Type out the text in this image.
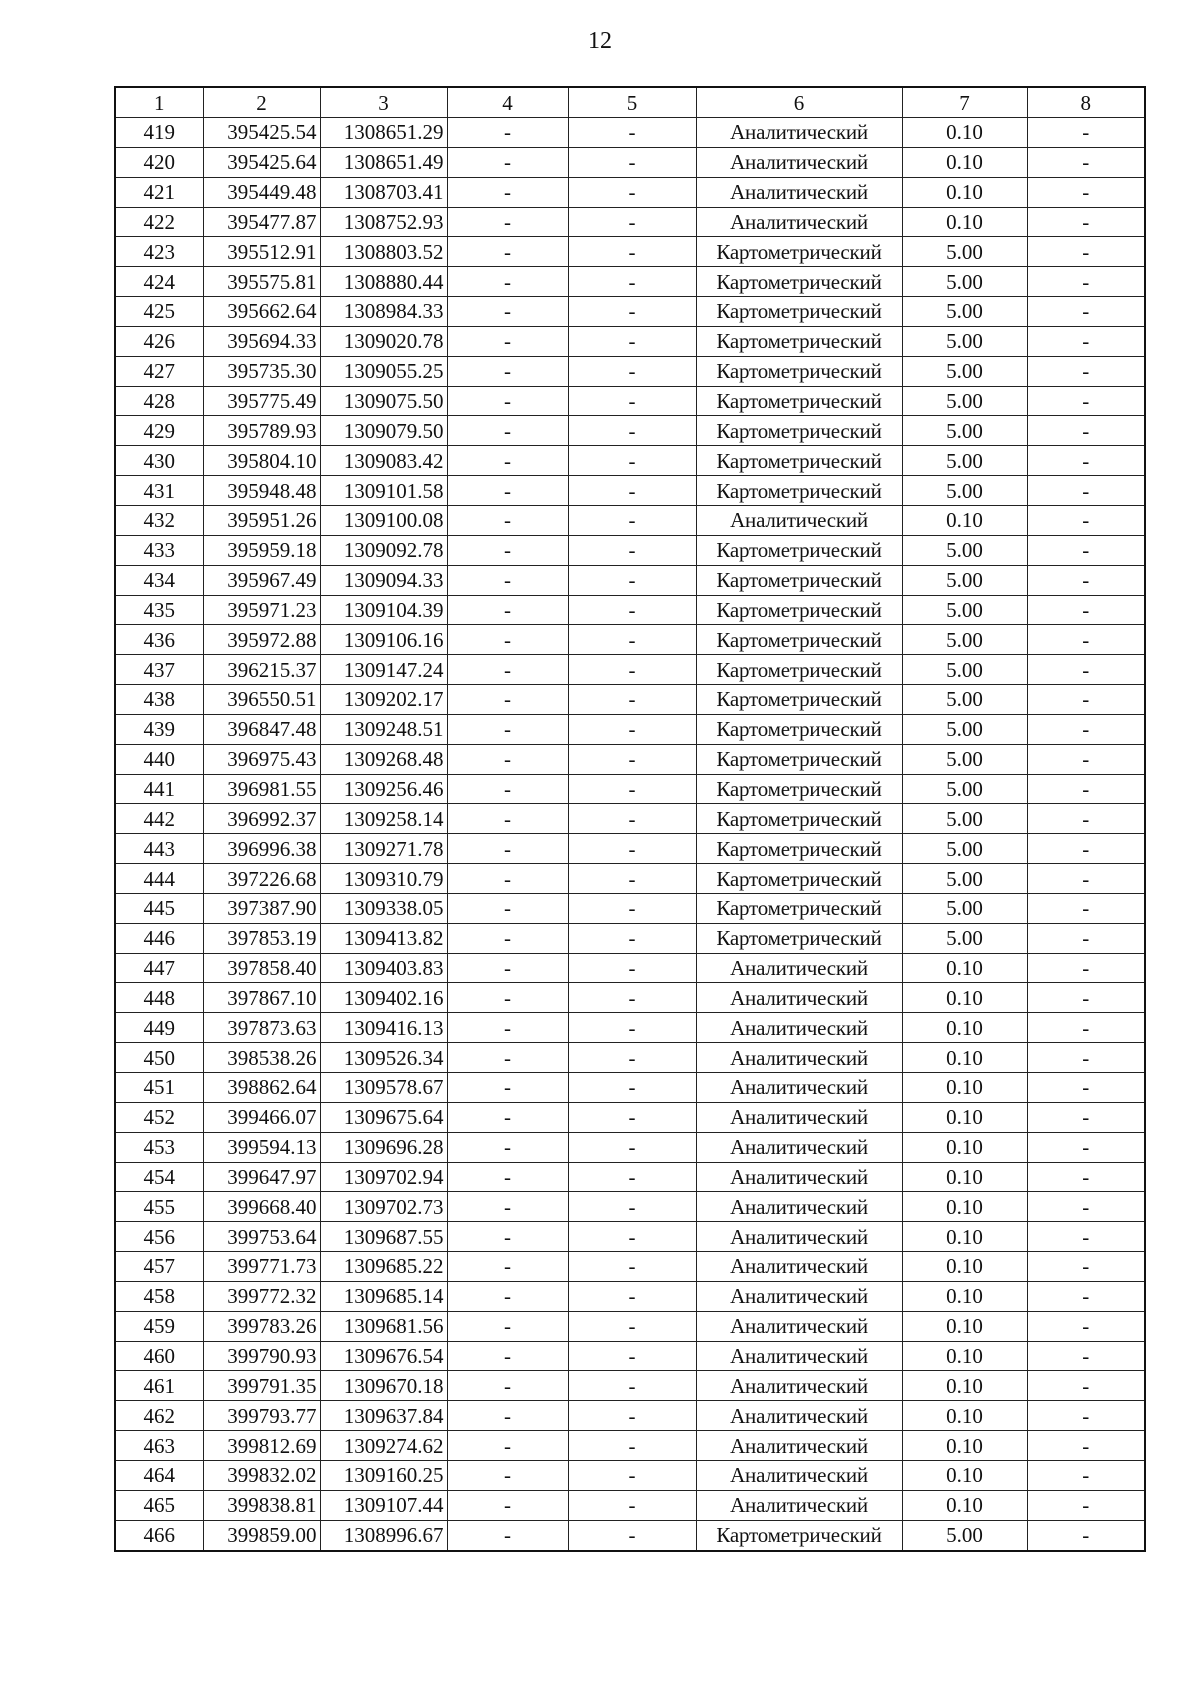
12
1	2	3	4	5	6	7	8
419	395425.54	1308651.29	-	-	Аналитический	0.10	-
420	395425.64	1308651.49	-	-	Аналитический	0.10	-
421	395449.48	1308703.41	-	-	Аналитический	0.10	-
422	395477.87	1308752.93	-	-	Аналитический	0.10	-
423	395512.91	1308803.52	-	-	Картометрический	5.00	-
424	395575.81	1308880.44	-	-	Картометрический	5.00	-
425	395662.64	1308984.33	-	-	Картометрический	5.00	-
426	395694.33	1309020.78	-	-	Картометрический	5.00	-
427	395735.30	1309055.25	-	-	Картометрический	5.00	-
428	395775.49	1309075.50	-	-	Картометрический	5.00	-
429	395789.93	1309079.50	-	-	Картометрический	5.00	-
430	395804.10	1309083.42	-	-	Картометрический	5.00	-
431	395948.48	1309101.58	-	-	Картометрический	5.00	-
432	395951.26	1309100.08	-	-	Аналитический	0.10	-
433	395959.18	1309092.78	-	-	Картометрический	5.00	-
434	395967.49	1309094.33	-	-	Картометрический	5.00	-
435	395971.23	1309104.39	-	-	Картометрический	5.00	-
436	395972.88	1309106.16	-	-	Картометрический	5.00	-
437	396215.37	1309147.24	-	-	Картометрический	5.00	-
438	396550.51	1309202.17	-	-	Картометрический	5.00	-
439	396847.48	1309248.51	-	-	Картометрический	5.00	-
440	396975.43	1309268.48	-	-	Картометрический	5.00	-
441	396981.55	1309256.46	-	-	Картометрический	5.00	-
442	396992.37	1309258.14	-	-	Картометрический	5.00	-
443	396996.38	1309271.78	-	-	Картометрический	5.00	-
444	397226.68	1309310.79	-	-	Картометрический	5.00	-
445	397387.90	1309338.05	-	-	Картометрический	5.00	-
446	397853.19	1309413.82	-	-	Картометрический	5.00	-
447	397858.40	1309403.83	-	-	Аналитический	0.10	-
448	397867.10	1309402.16	-	-	Аналитический	0.10	-
449	397873.63	1309416.13	-	-	Аналитический	0.10	-
450	398538.26	1309526.34	-	-	Аналитический	0.10	-
451	398862.64	1309578.67	-	-	Аналитический	0.10	-
452	399466.07	1309675.64	-	-	Аналитический	0.10	-
453	399594.13	1309696.28	-	-	Аналитический	0.10	-
454	399647.97	1309702.94	-	-	Аналитический	0.10	-
455	399668.40	1309702.73	-	-	Аналитический	0.10	-
456	399753.64	1309687.55	-	-	Аналитический	0.10	-
457	399771.73	1309685.22	-	-	Аналитический	0.10	-
458	399772.32	1309685.14	-	-	Аналитический	0.10	-
459	399783.26	1309681.56	-	-	Аналитический	0.10	-
460	399790.93	1309676.54	-	-	Аналитический	0.10	-
461	399791.35	1309670.18	-	-	Аналитический	0.10	-
462	399793.77	1309637.84	-	-	Аналитический	0.10	-
463	399812.69	1309274.62	-	-	Аналитический	0.10	-
464	399832.02	1309160.25	-	-	Аналитический	0.10	-
465	399838.81	1309107.44	-	-	Аналитический	0.10	-
466	399859.00	1308996.67	-	-	Картометрический	5.00	-
